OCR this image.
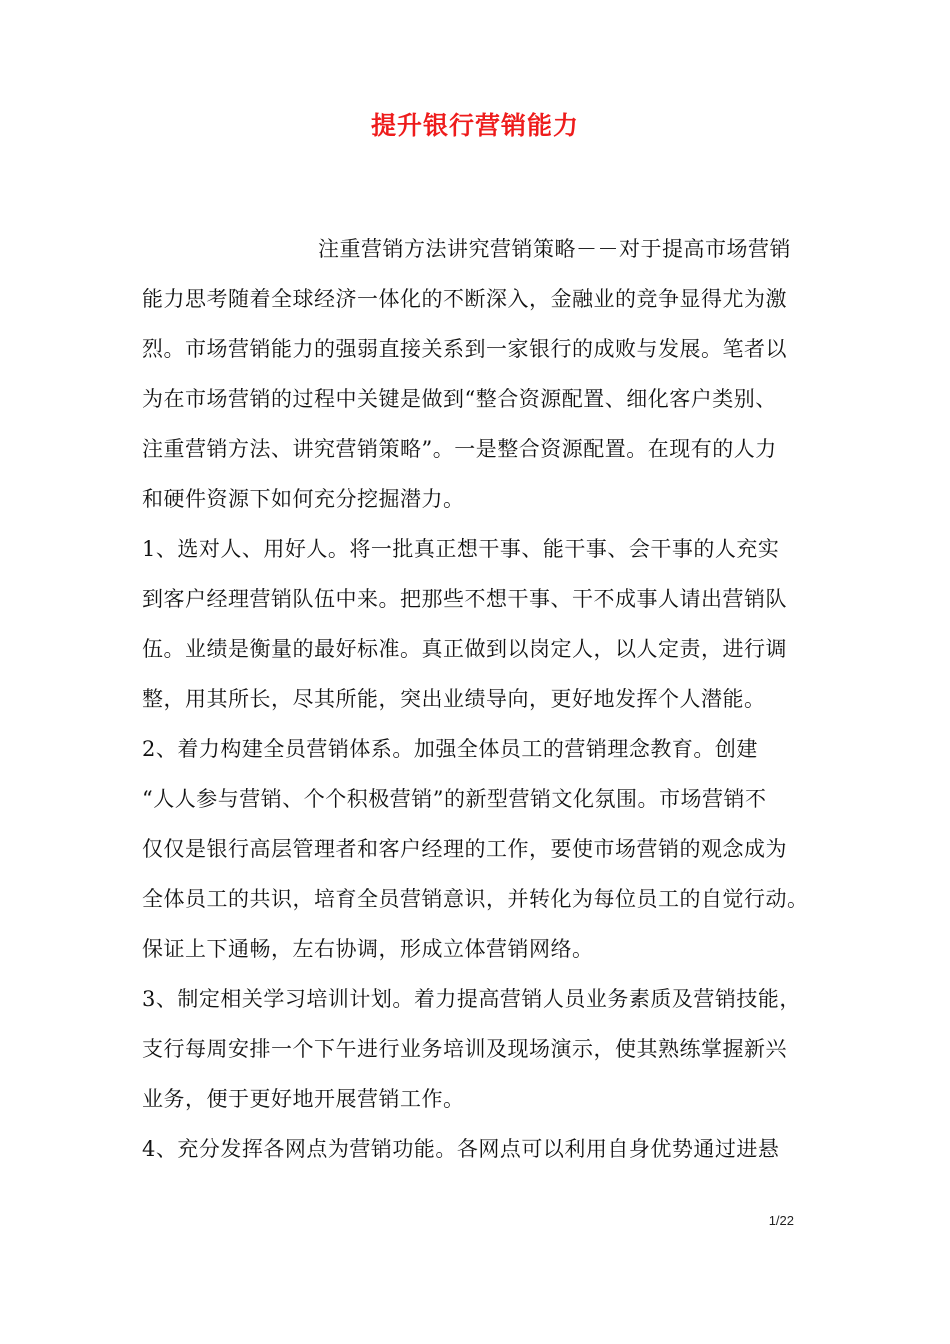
提升银行营销能力
注重营销方法讲究营销策略－－对于提高市场营销
能力思考随着全球经济一体化的不断深入，金融业的竞争显得尤为激
烈。市场营销能力的强弱直接关系到一家银行的成败与发展。笔者以
为在市场营销的过程中关键是做到“整合资源配置、细化客户类别、
注重营销方法、讲究营销策略”。一是整合资源配置。在现有的人力
和硬件资源下如何充分挖掘潜力。
1、选对人、用好人。将一批真正想干事、能干事、会干事的人充实
到客户经理营销队伍中来。把那些不想干事、干不成事人请出营销队
伍。业绩是衡量的最好标准。真正做到以岗定人，以人定责，进行调
整，用其所长，尽其所能，突出业绩导向，更好地发挥个人潜能。
2、着力构建全员营销体系。加强全体员工的营销理念教育。创建
“人人参与营销、个个积极营销”的新型营销文化氛围。市场营销不
仅仅是银行高层管理者和客户经理的工作，要使市场营销的观念成为
全体员工的共识，培育全员营销意识，并转化为每位员工的自觉行动。
保证上下通畅，左右协调，形成立体营销网络。
3、制定相关学习培训计划。着力提高营销人员业务素质及营销技能，
支行每周安排一个下午进行业务培训及现场演示，使其熟练掌握新兴
业务，便于更好地开展营销工作。
4、充分发挥各网点为营销功能。各网点可以利用自身优势通过进悬
1/22
